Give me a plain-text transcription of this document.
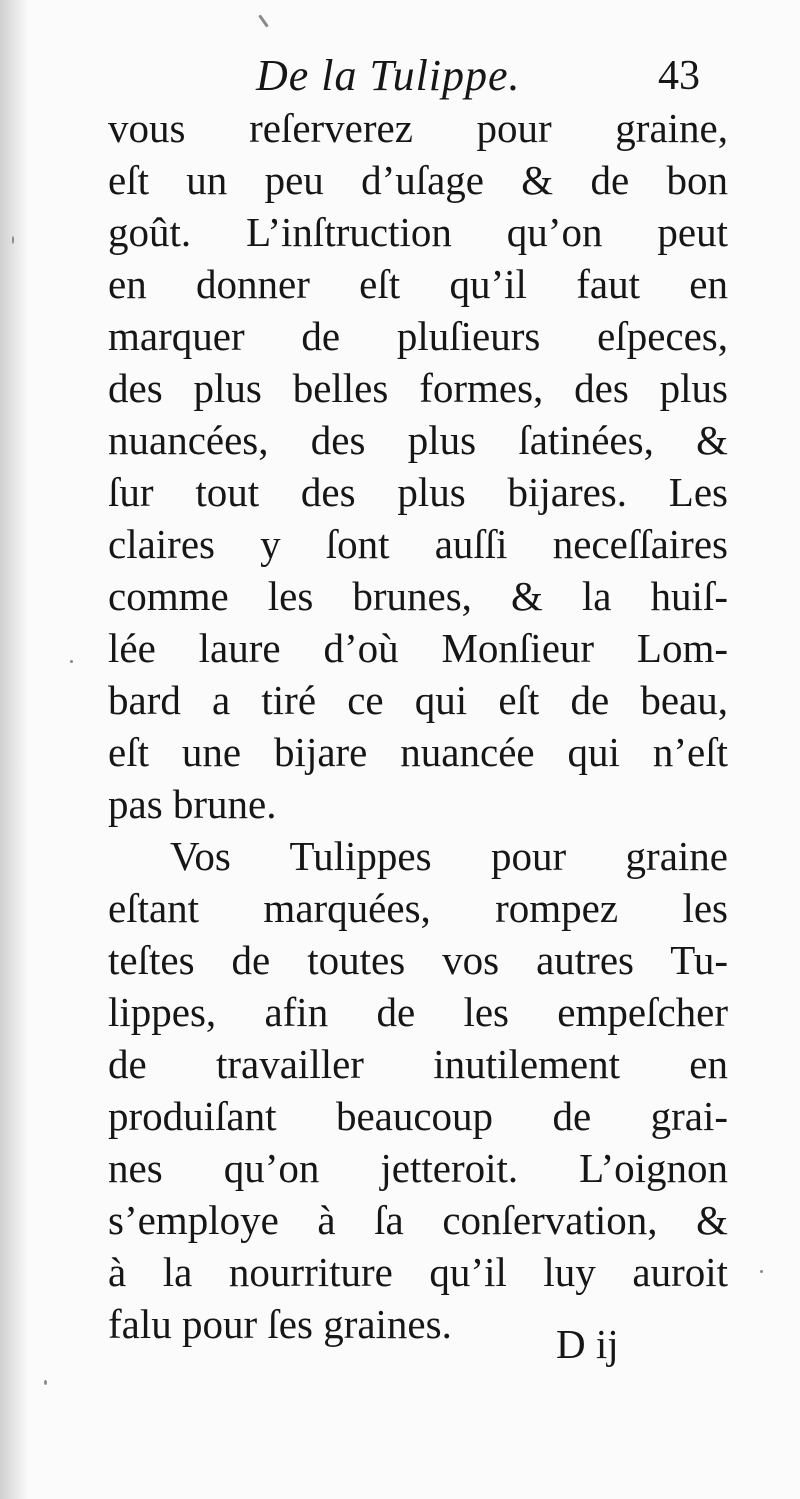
De la Tulippe.	43
vous reſerverez pour graine,
eſt un peu d’uſage & de bon
goût. L’inſtruction qu’on peut
en donner eſt qu’il faut en
marquer de pluſieurs eſpeces,
des plus belles formes, des plus
nuancées, des plus ſatinées, &
ſur tout des plus bijares. Les
claires y ſont auſſi neceſſaires
comme les brunes, & la huiſ-
lée laure d’où Monſieur Lom-
bard a tiré ce qui eſt de beau,
eſt une bijare nuancée qui n’eſt
pas brune.
Vos Tulippes pour graine
eſtant marquées, rompez les
teſtes de toutes vos autres Tu-
lippes, afin de les empeſcher
de travailler inutilement en
produiſant beaucoup de grai-
nes qu’on jetteroit. L’oignon
s’employe à ſa conſervation, &
à la nourriture qu’il luy auroit
falu pour ſes graines.	D ij
